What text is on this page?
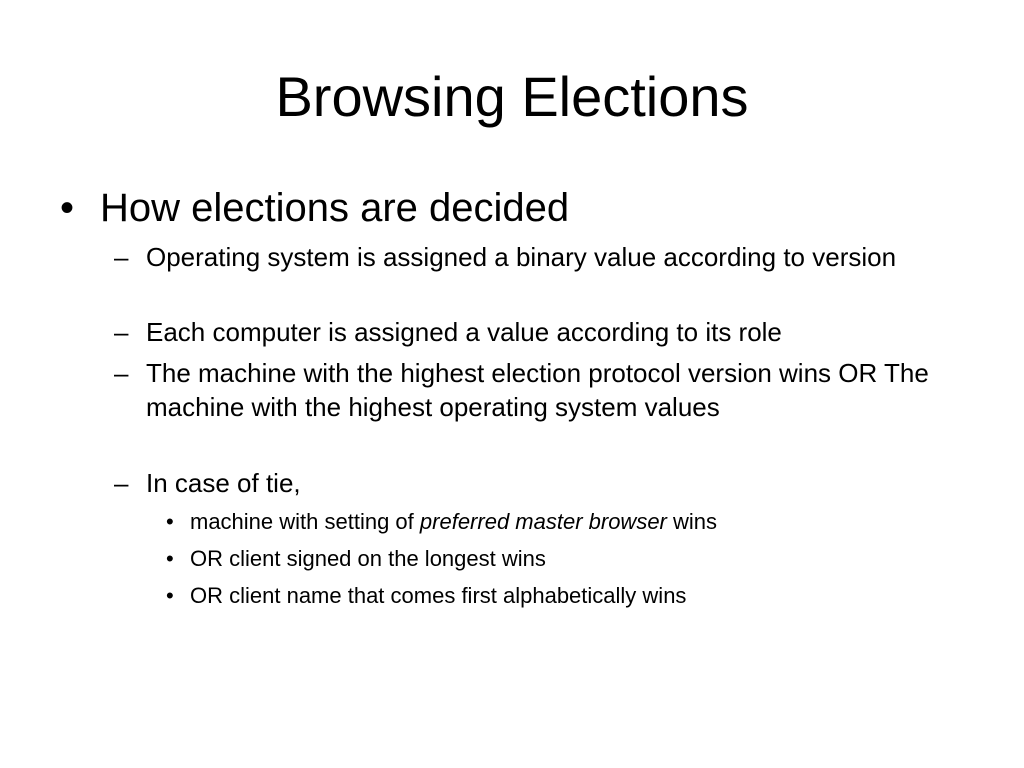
Browsing Elections
• How elections are decided
– Operating system is assigned a binary value according to version
– Each computer is assigned a value according to its role
– The machine with the highest election protocol version wins OR The machine with the highest operating system values
– In case of tie,
• machine with setting of preferred master browser wins
• OR client signed on the longest wins
• OR client name that comes first alphabetically wins
